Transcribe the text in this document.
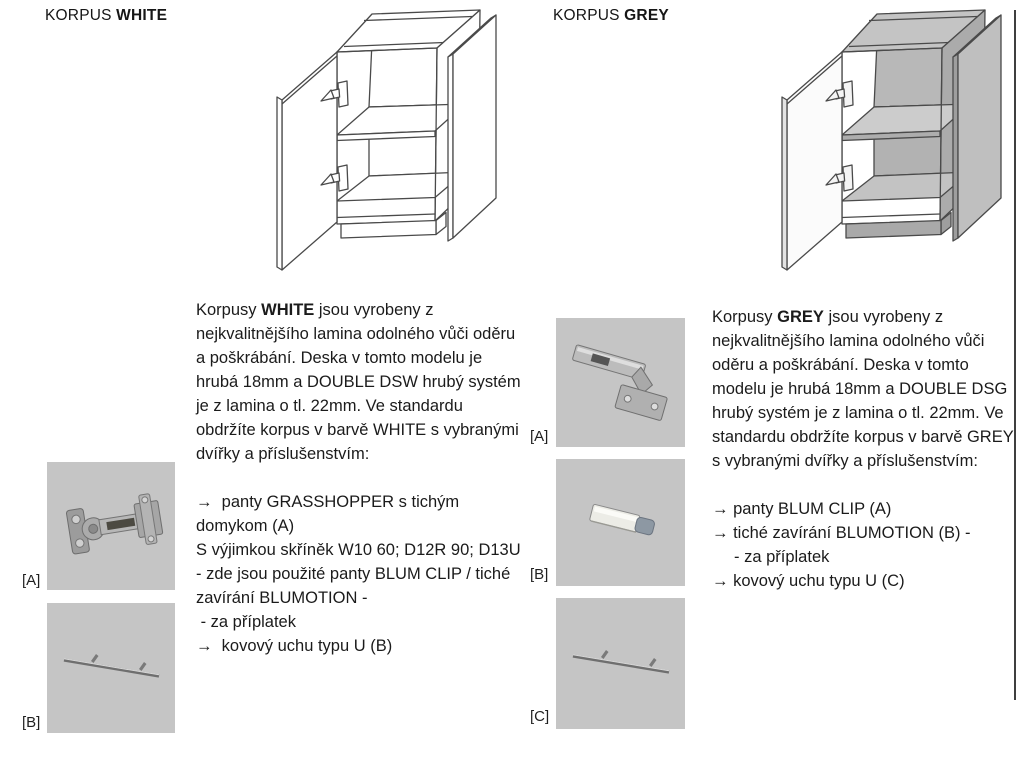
KORPUS WHITE
Korpusy WHITE jsou vyrobeny z nejkvalitnějšího lamina odolného vůči oděru a poškrábání. Deska v tomto modelu je hrubá 18mm a DOUBLE DSW hrubý systém je z lamina o tl. 22mm. Ve standardu obdržíte korpus v barvě WHITE s vybranými dvířky a příslušenstvím:
→  panty GRASSHOPPER s tichým domykom (A)
S výjimkou skříněk W10 60; D12R 90; D13U - zde jsou použité panty BLUM CLIP / tiché zavírání BLUMOTION -
- za příplatek
→  kovový uchu typu U (B)
[A]
[B]
KORPUS GREY
[A]
[B]
[C]
Korpusy GREY jsou vyrobeny z nejkvalitnějšího lamina odolného vůči oděru a poškrábání. Deska v tomto modelu je hrubá 18mm a DOUBLE DSG hrubý systém je z lamina o tl. 22mm. Ve standardu obdržíte korpus v barvě GREY s vybranými dvířky a příslušenstvím:
→ panty BLUM CLIP (A)
→ tiché zavírání BLUMOTION (B) -
- za příplatek
→ kovový uchu typu U (C)
